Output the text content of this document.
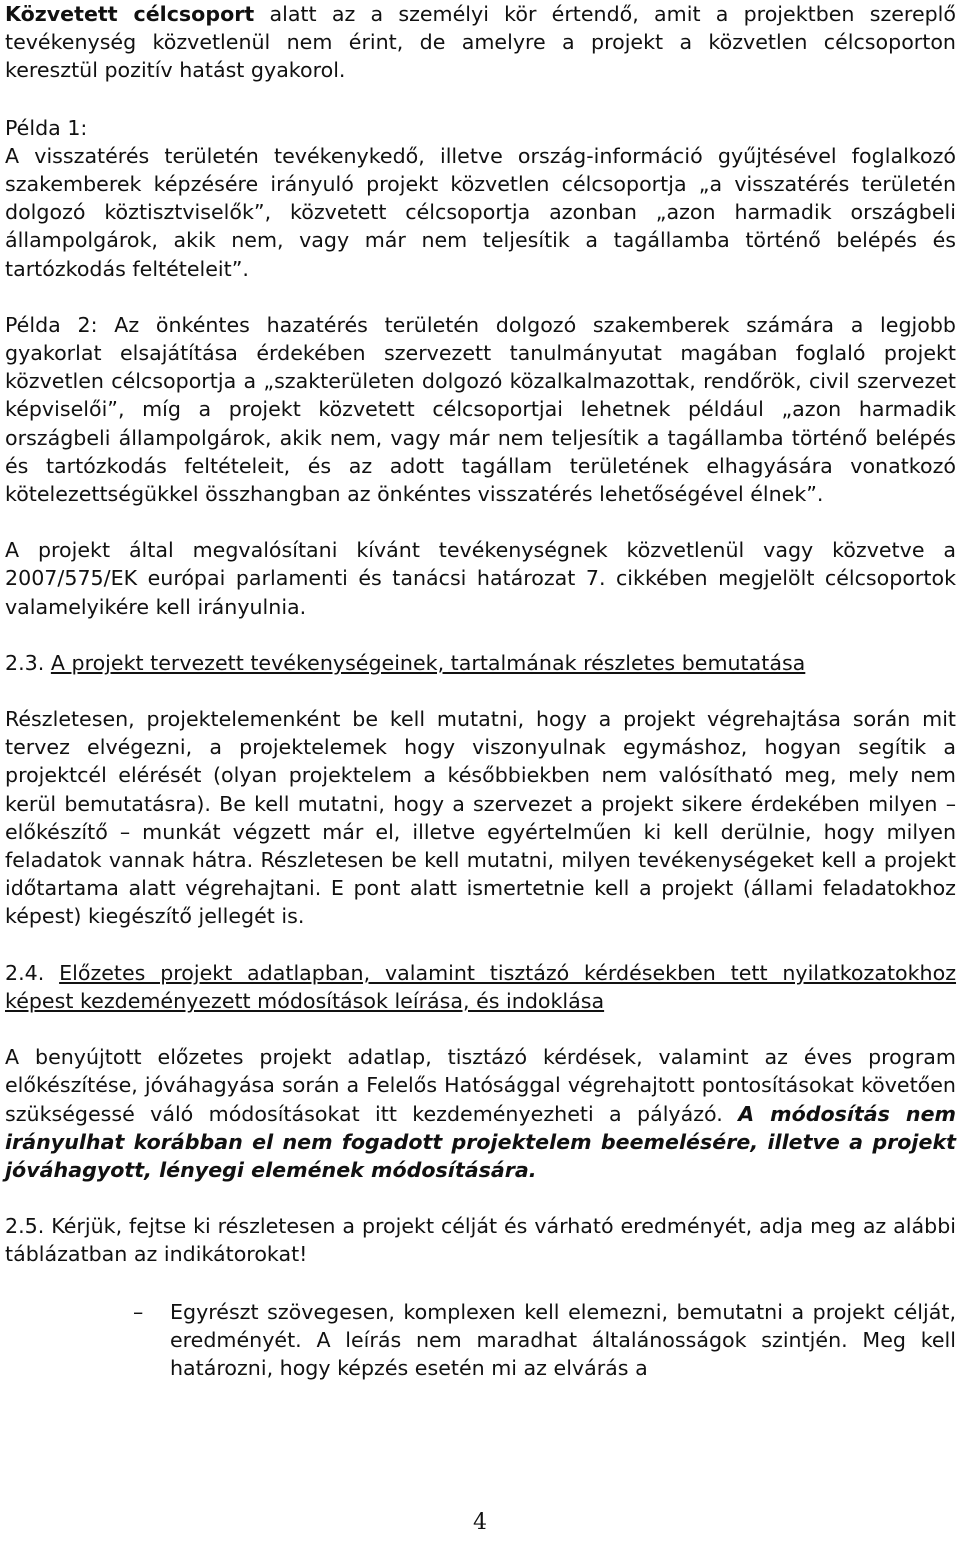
Közvetett célcsoport alatt az a személyi kör értendő, amit a projektben szereplő tevékenység közvetlenül nem érint, de amelyre a projekt a közvetlen célcsoporton keresztül pozitív hatást gyakorol.

Példa 1:

A visszatérés területén tevékenykedő, illetve ország-információ gyűjtésével foglalkozó szakemberek képzésére irányuló projekt közvetlen célcsoportja „a visszatérés területén dolgozó köztisztviselők”, közvetett célcsoportja azonban „azon harmadik országbeli állampolgárok, akik nem, vagy már nem teljesítik a tagállamba történő belépés és tartózkodás feltételeit”.

Példa 2: Az önkéntes hazatérés területén dolgozó szakemberek számára a legjobb gyakorlat elsajátítása érdekében szervezett tanulmányutat magában foglaló projekt közvetlen célcsoportja a „szakterületen dolgozó közalkalmazottak, rendőrök, civil szervezet képviselői”, míg a projekt közvetett célcsoportjai lehetnek például „azon harmadik országbeli állampolgárok, akik nem, vagy már nem teljesítik a tagállamba történő belépés és tartózkodás feltételeit, és az adott tagállam területének elhagyására vonatkozó kötelezettségükkel összhangban az önkéntes visszatérés lehetőségével élnek”.

A projekt által megvalósítani kívánt tevékenységnek közvetlenül vagy közvetve a 2007/575/EK európai parlamenti és tanácsi határozat 7. cikkében megjelölt célcsoportok valamelyikére kell irányulnia.

2.3. A projekt tervezett tevékenységeinek, tartalmának részletes bemutatása

Részletesen, projektelemenként be kell mutatni, hogy a projekt végrehajtása során mit tervez elvégezni, a projektelemek hogy viszonyulnak egymáshoz, hogyan segítik a projektcél elérését (olyan projektelem a későbbiekben nem valósítható meg, mely nem kerül bemutatásra). Be kell mutatni, hogy a szervezet a projekt sikere érdekében milyen – előkészítő – munkát végzett már el, illetve egyértelműen ki kell derülnie, hogy milyen feladatok vannak hátra. Részletesen be kell mutatni, milyen tevékenységeket kell a projekt időtartama alatt végrehajtani. E pont alatt ismertetnie kell a projekt (állami feladatokhoz képest) kiegészítő jellegét is.

2.4. Előzetes projekt adatlapban, valamint tisztázó kérdésekben tett nyilatkozatokhoz képest kezdeményezett módosítások leírása, és indoklása

A benyújtott előzetes projekt adatlap, tisztázó kérdések, valamint az éves program előkészítése, jóváhagyása során a Felelős Hatósággal végrehajtott pontosításokat követően szükségessé váló módosításokat itt kezdeményezheti a pályázó. A módosítás nem irányulhat korábban el nem fogadott projektelem beemelésére, illetve a projekt jóváhagyott, lényegi elemének módosítására.

2.5. Kérjük, fejtse ki részletesen a projekt célját és várható eredményét, adja meg az alábbi táblázatban az indikátorokat!

– Egyrészt szövegesen, komplexen kell elemezni, bemutatni a projekt célját, eredményét. A leírás nem maradhat általánosságok szintjén. Meg kell határozni, hogy képzés esetén mi az elvárás a

4
